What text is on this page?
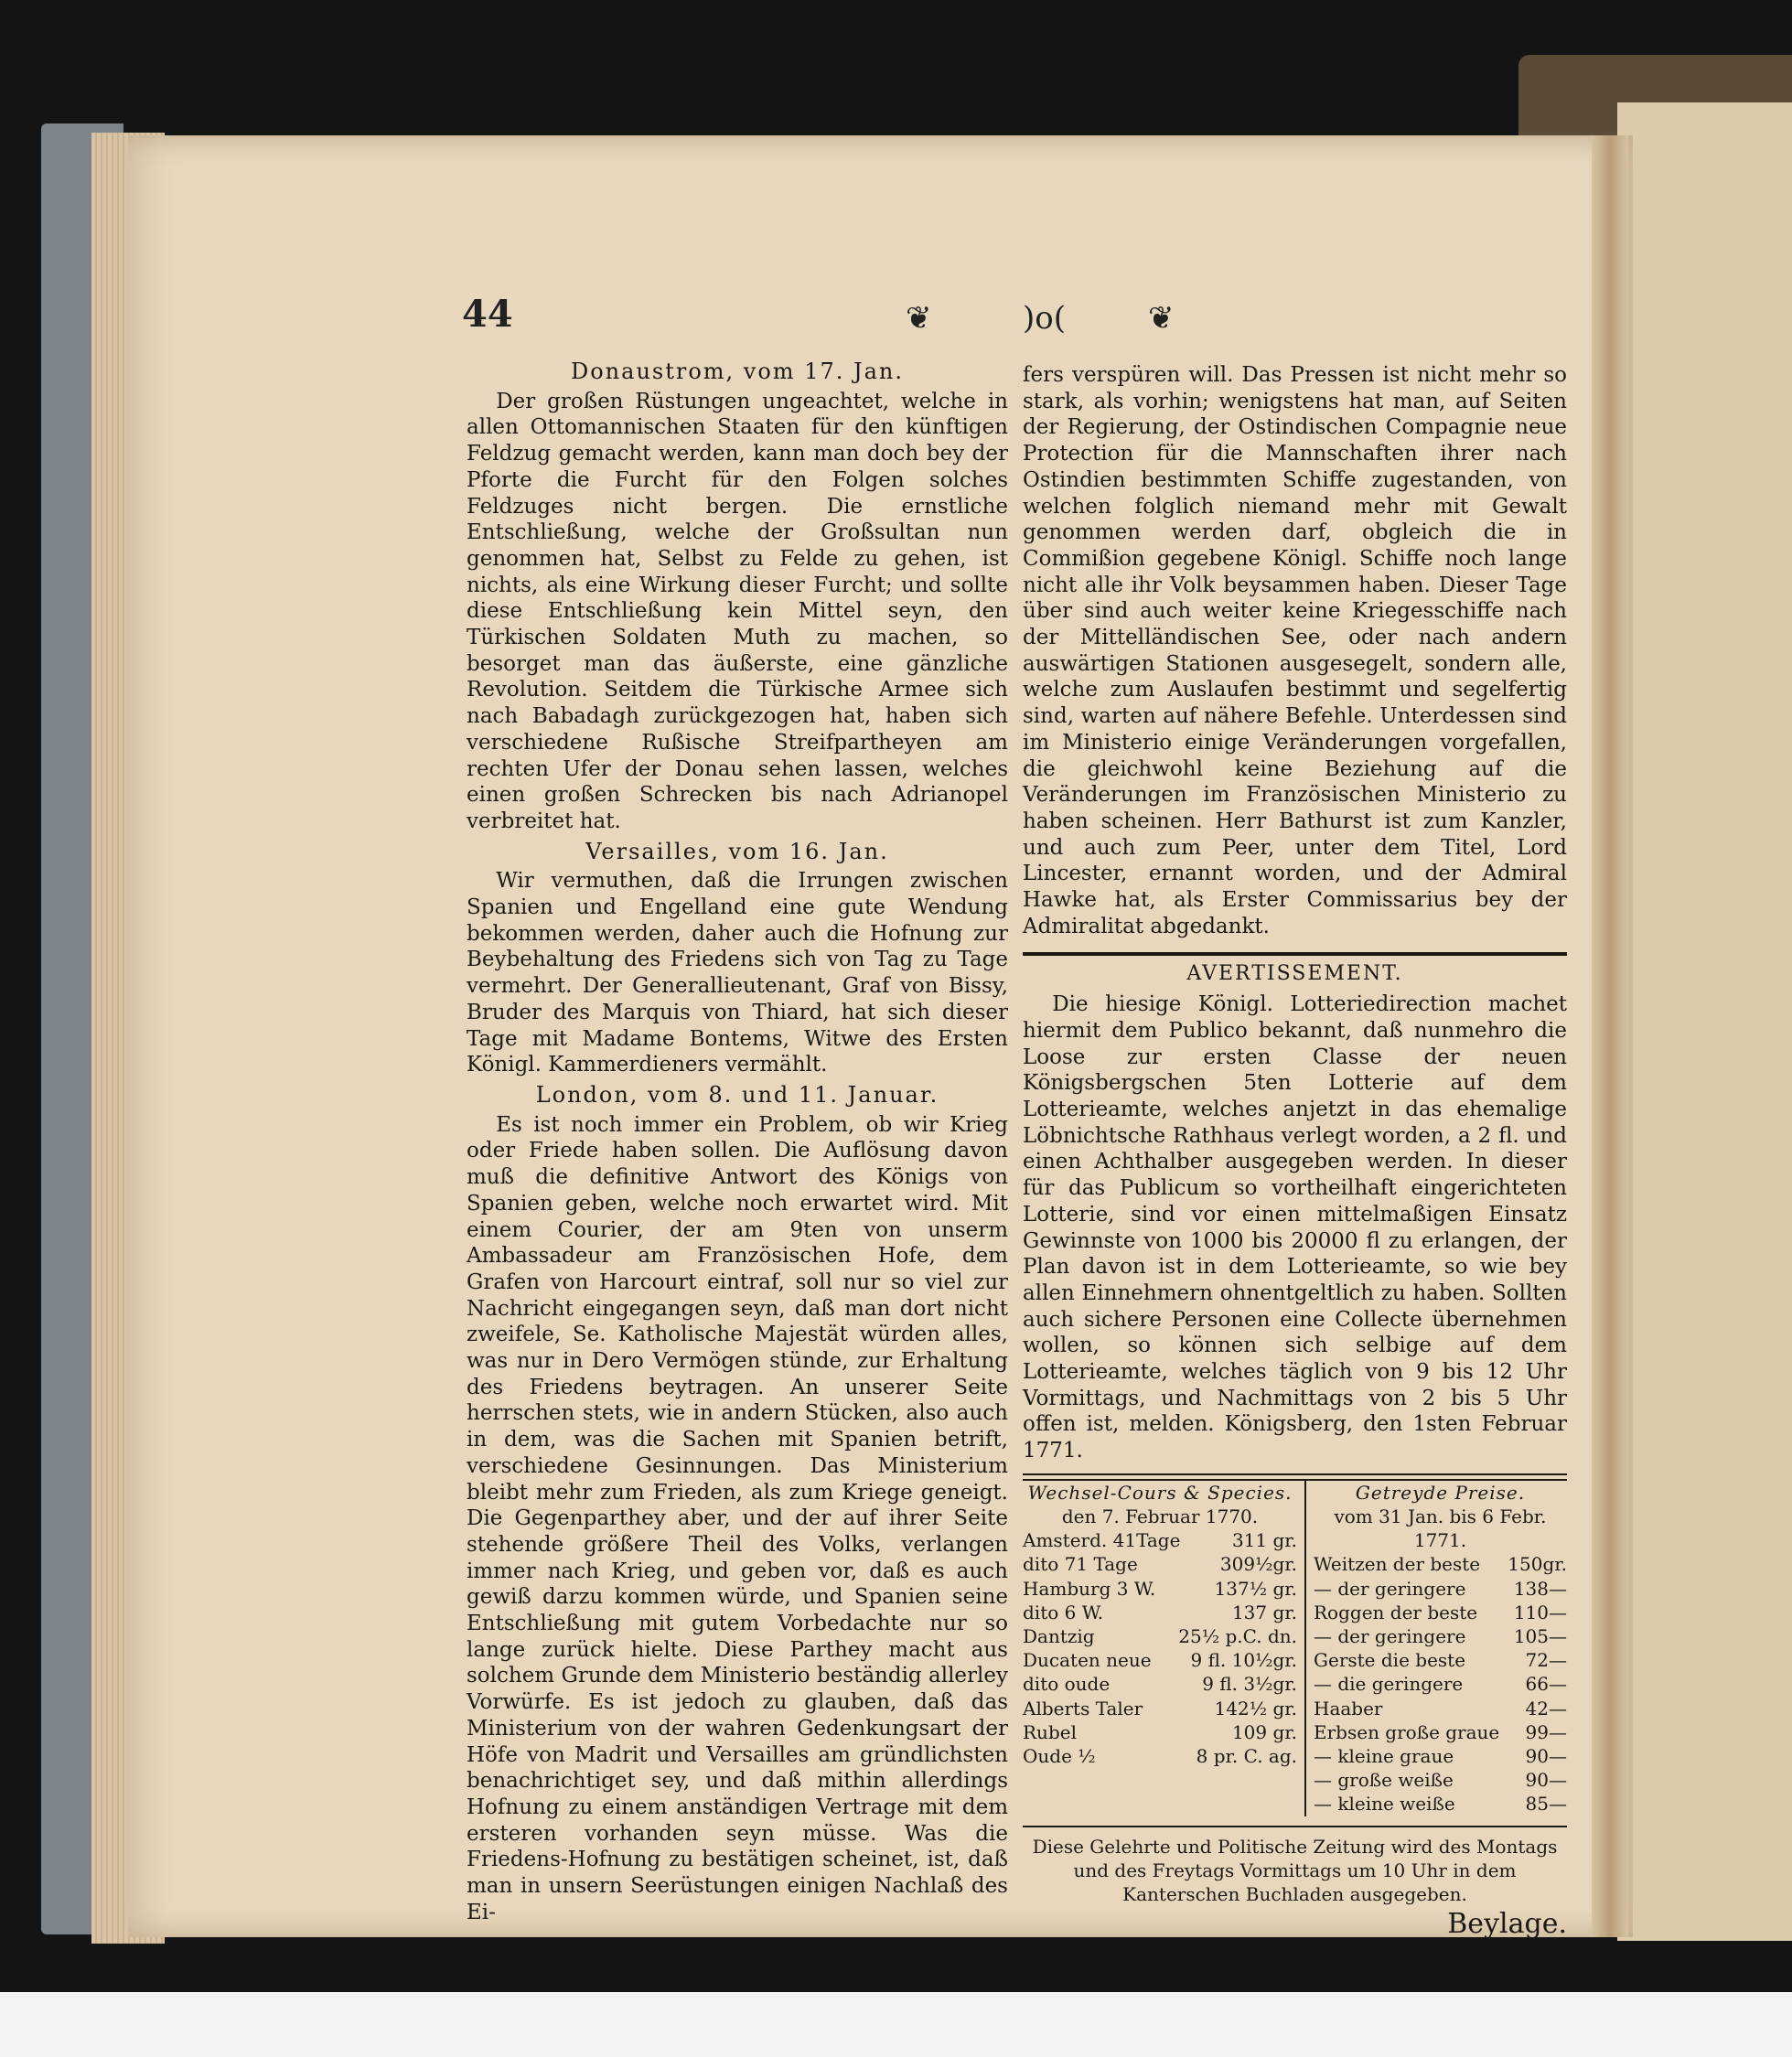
44	❦	)o(	❦
Donaustrom, vom 17. Jan.

Der großen Rüstungen ungeachtet, welche in allen Ottomannischen Staaten für den künftigen Feldzug gemacht werden, kann man doch bey der Pforte die Furcht für den Folgen solches Feldzuges nicht bergen. Die ernstliche Entschließung, welche der Großsultan nun genommen hat, Selbst zu Felde zu gehen, ist nichts, als eine Wirkung dieser Furcht; und sollte diese Entschließung kein Mittel seyn, den Türkischen Soldaten Muth zu machen, so besorget man das äußerste, eine gänzliche Revolution. Seitdem die Türkische Armee sich nach Babadagh zurückgezogen hat, haben sich verschiedene Rußische Streifpartheyen am rechten Ufer der Donau sehen lassen, welches einen großen Schrecken bis nach Adrianopel verbreitet hat.

Versailles, vom 16. Jan.

Wir vermuthen, daß die Irrungen zwischen Spanien und Engelland eine gute Wendung bekommen werden, daher auch die Hofnung zur Beybehaltung des Friedens sich von Tag zu Tage vermehrt. Der Generallieutenant, Graf von Bissy, Bruder des Marquis von Thiard, hat sich dieser Tage mit Madame Bontems, Witwe des Ersten Königl. Kammerdieners vermählt.

London, vom 8. und 11. Januar.

Es ist noch immer ein Problem, ob wir Krieg oder Friede haben sollen. Die Auflösung davon muß die definitive Antwort des Königs von Spanien geben, welche noch erwartet wird. Mit einem Courier, der am 9ten von unserm Ambassadeur am Französischen Hofe, dem Grafen von Harcourt eintraf, soll nur so viel zur Nachricht eingegangen seyn, daß man dort nicht zweifele, Se. Katholische Majestät würden alles, was nur in Dero Vermögen stünde, zur Erhaltung des Friedens beytragen. An unserer Seite herrschen stets, wie in andern Stücken, also auch in dem, was die Sachen mit Spanien betrift, verschiedene Gesinnungen. Das Ministerium bleibt mehr zum Frieden, als zum Kriege geneigt. Die Gegenparthey aber, und der auf ihrer Seite stehende größere Theil des Volks, verlangen immer nach Krieg, und geben vor, daß es auch gewiß darzu kommen würde, und Spanien seine Entschließung mit gutem Vorbedachte nur so lange zurück hielte. Diese Parthey macht aus solchem Grunde dem Ministerio beständig allerley Vorwürfe. Es ist jedoch zu glauben, daß das Ministerium von der wahren Gedenkungsart der Höfe von Madrit und Versailles am gründlichsten benachrichtiget sey, und daß mithin allerdings Hofnung zu einem anständigen Vertrage mit dem ersteren vorhanden seyn müsse. Was die Friedens-Hofnung zu bestätigen scheinet, ist, daß man in unsern Seerüstungen einigen Nachlaß des Ei-

fers verspüren will. Das Pressen ist nicht mehr so stark, als vorhin; wenigstens hat man, auf Seiten der Regierung, der Ostindischen Compagnie neue Protection für die Mannschaften ihrer nach Ostindien bestimmten Schiffe zugestanden, von welchen folglich niemand mehr mit Gewalt genommen werden darf, obgleich die in Commißion gegebene Königl. Schiffe noch lange nicht alle ihr Volk beysammen haben. Dieser Tage über sind auch weiter keine Kriegesschiffe nach der Mittelländischen See, oder nach andern auswärtigen Stationen ausgesegelt, sondern alle, welche zum Auslaufen bestimmt und segelfertig sind, warten auf nähere Befehle. Unterdessen sind im Ministerio einige Veränderungen vorgefallen, die gleichwohl keine Beziehung auf die Veränderungen im Französischen Ministerio zu haben scheinen. Herr Bathurst ist zum Kanzler, und auch zum Peer, unter dem Titel, Lord Lincester, ernannt worden, und der Admiral Hawke hat, als Erster Commissarius bey der Admiralitat abgedankt.

AVERTISSEMENT.

Die hiesige Königl. Lotteriedirection machet hiermit dem Publico bekannt, daß nunmehro die Loose zur ersten Classe der neuen Königsbergschen 5ten Lotterie auf dem Lotterieamte, welches anjetzt in das ehemalige Löbnichtsche Rathhaus verlegt worden, a 2 fl. und einen Achthalber ausgegeben werden. In dieser für das Publicum so vortheilhaft eingerichteten Lotterie, sind vor einen mittelmaßigen Einsatz Gewinnste von 1000 bis 20000 fl zu erlangen, der Plan davon ist in dem Lotterieamte, so wie bey allen Einnehmern ohnentgeltlich zu haben. Sollten auch sichere Personen eine Collecte übernehmen wollen, so können sich selbige auf dem Lotterieamte, welches täglich von 9 bis 12 Uhr Vormittags, und Nachmittags von 2 bis 5 Uhr offen ist, melden. Königsberg, den 1sten Februar 1771.

Wechsel-Cours & Species.
den 7. Februar 1770.
Amsterd. 41Tage	311 gr.
dito 71 Tage	309½gr.
Hamburg 3 W.	137½ gr.
dito 6 W.	137 gr.
Dantzig	25½ p.C. dn.
Ducaten neue 9 fl. 10½gr.
dito oude	9 fl. 3½gr.
Alberts Taler	142½ gr.
Rubel	109 gr.
Oude ½	8 pr. C. ag.
Getreyde Preise.
vom 31 Jan. bis 6 Febr. 1771.
Weitzen der beste 150gr.
— der geringere	138—
Roggen der beste 110—
— der geringere	105—
Gerste die beste	72—
— die geringere	66—
Haaber	42—
Erbsen große graue 99—
— kleine graue	90—
— große weiße	90—
— kleine weiße	85—
Diese Gelehrte und Politische Zeitung wird des Montags und des Freytags Vormittags um 10 Uhr in dem Kanterschen Buchladen ausgegeben.
Beylage.
